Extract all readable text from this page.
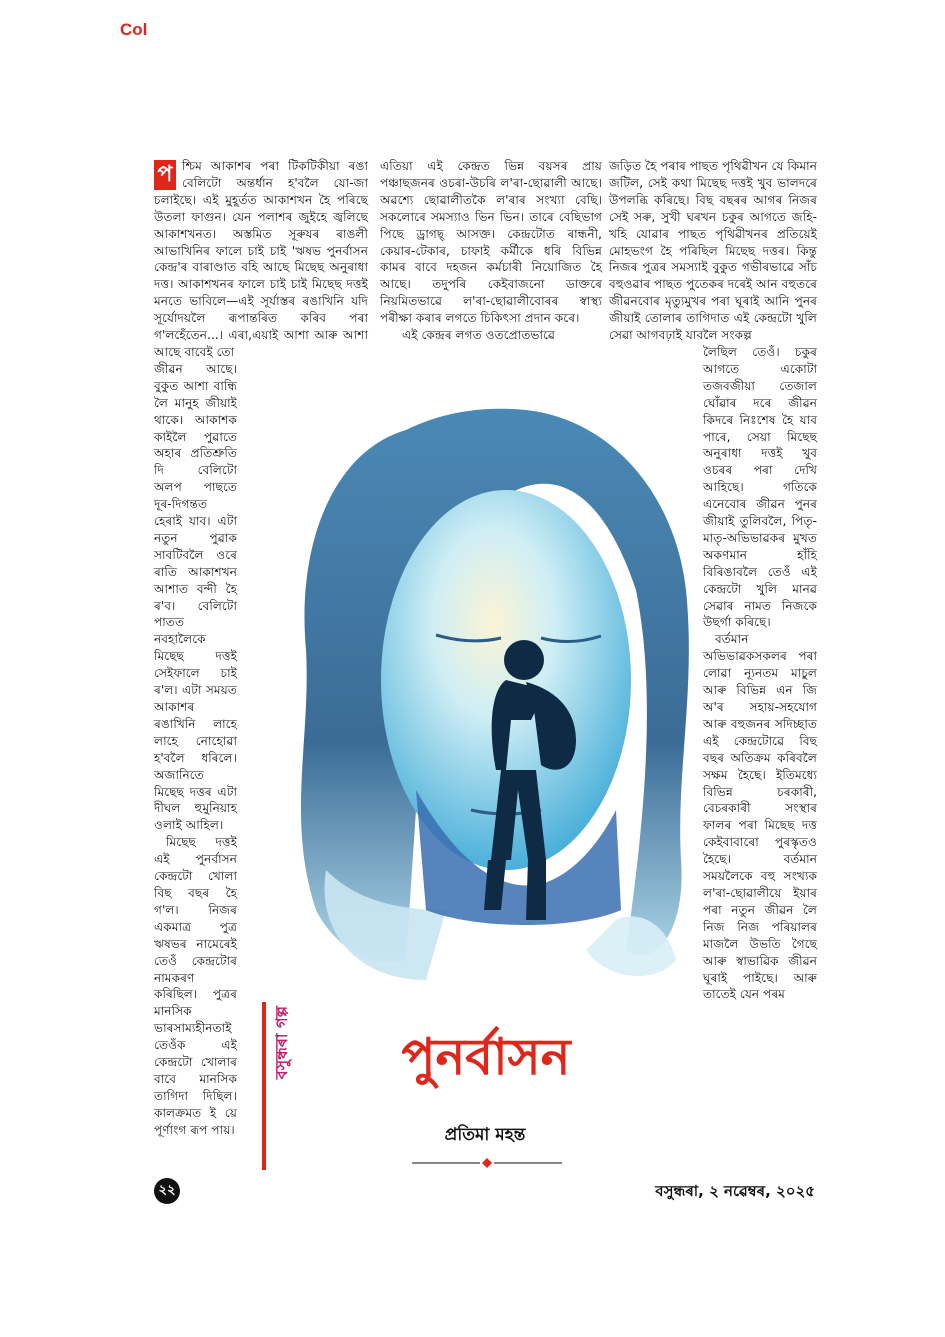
Col

প শ্চিম আকাশৰ পৰা টিকটিকীয়া ৰঙা বেলিটো অন্তৰ্ধান হ'বলৈ যো-জা চলাইছে। এই মুহূৰ্তত আকাশখন হৈ পৰিছে উতলা ফাগুন। যেন পলাশৰ জুইহে জ্বলিছে আকাশখনত। অস্তমিত সূৰুযৰ ৰাঙলী আভাখিনিৰ ফালে চাই চাই 'ঋষভ পুনৰ্বাসন কেন্দ্ৰ'ৰ বাৰাণ্ডাত বহি আছে মিছেছ অনুৰাধা দত্ত। আকাশখনৰ ফালে চাই চাই মিছেছ দত্তই মনতে ভাবিলে—এই সূৰ্যাস্তৰ ৰঙাখিনি যদি সূৰ্যোদয়লৈ ৰূপান্তৰিত কৰিব পৰা গ'লহেঁতেন...। এৰা,এয়াই আশা আৰু আশা আছে বাবেই তো

জীৱন আছে। বুকুত আশা বান্ধি লৈ মানুহ জীয়াই থাকে। আকাশক কাইলৈ পুৱাতে অহাৰ প্ৰতিশ্ৰুতি দি বেলিটো অলপ পাছতে দূৰ-দিগন্তত হেৰাই যাব। এটা নতুন পুৱাক সাবটিবলৈ ওৰে ৰাতি আকাশখন আশাত বন্দী হৈ ৰ'ব। বেলিটো পাতত নবহালৈকে মিছেছ দত্তই সেইফালে চাই ৰ'ল। এটা সময়ত আকাশৰ ৰঙাখিনি লাহে লাহে নোহোৱা হ'বলৈ ধৰিলে। অজানিতে মিছেছ দত্তৰ এটা দীঘল হুমুনিয়াহ ওলাই আহিল।

মিছেছ দত্তই এই পুনৰ্বাসন কেন্দ্ৰটো খোলা বিছ বছৰ হৈ গ'ল। নিজৰ একমাত্ৰ পুত্ৰ ঋষভৰ নামেৰেই তেওঁ কেন্দ্ৰটোৰ নামকৰণ কৰিছিল। পুত্ৰৰ মানসিক ভাৰসাম্যহীনতাই তেওঁক এই কেন্দ্ৰটো খোলাৰ বাবে মানসিক তাগিদা দিছিল। কালক্ৰমত ই য়ে পূৰ্ণাংগ ৰূপ পায়।

এতিয়া এই কেন্দ্ৰত ভিন্ন বয়সৰ প্ৰায় পঞ্চাছজনৰ ওচৰা-উচৰি ল'ৰা-ছোৱালী আছে। অৱশ্যে ছোৱালীতকৈ ল'ৰাৰ সংখ্যা বেছি। সকলোৰে সমস্যাও ভিন ভিন। তাৰে বেছিভাগ পিছে ড্ৰাগছ্ আসক্ত। কেন্দ্ৰটোত ৰান্ধনী, কেয়াৰ-টেকাৰ, চাফাই কৰ্মীকে ধৰি বিভিন্ন কামৰ বাবে দহজন কৰ্মচাৰী নিয়োজিত হৈ আছে। তদুপৰি কেইবাজনো ডাক্তৰে নিয়মিতভাৱে ল'ৰা-ছোৱালীবোৰৰ স্বাস্থ্য পৰীক্ষা কৰাৰ লগতে চিকিৎসা প্ৰদান কৰে।

এই কেন্দ্ৰৰ লগত ওতপ্ৰোতভাৱে

জড়িত হৈ পৰাৰ পাছত পৃথিৱীখন যে কিমান জটিল, সেই কথা মিছেছ দত্তই খুব ভালদৰে উপলব্ধি কৰিছে। বিছ বছৰৰ আগৰ নিজৰ সেই সৰু, সুখী ঘৰখন চকুৰ আগতে জহি-খহি যোৱাৰ পাছত পৃথিৱীখনৰ প্ৰতিয়েই মোহভংগ হৈ পৰিছিল মিছেছ দত্তৰ। কিন্তু নিজৰ পুত্ৰৰ সমস্যাই বুকুত গভীৰভাৱে সাঁচ বহুওৱাৰ পাছত পুতেকৰ দৰেই আন বহুতৰে জীৱনবোৰ মৃত্যুমুখৰ পৰা ঘূৰাই আনি পুনৰ জীয়াই তোলাৰ তাগিদাত এই কেন্দ্ৰটো খুলি সেৱা আগবঢ়াই যাবলৈ সংকল্প

লৈছিল তেওঁ। চকুৰ আগতে একোটা তজবজীয়া তেজাল ঘোঁৱাৰ দৰে জীৱন কিদৰে নিঃশেষ হৈ যাব পাৰে, সেয়া মিছেছ অনুৰাধা দত্তই খুব ওচৰৰ পৰা দেখি আহিছে। গতিকে এনেবোৰ জীৱন পুনৰ জীয়াই তুলিবলৈ, পিতৃ-মাতৃ-অভিভাৱকৰ মুখত অকণমান হাঁহি বিৰিঙাবলৈ তেওঁ এই কেন্দ্ৰটো খুলি মানৱ সেৱাৰ নামত নিজকে উছৰ্গা কৰিছে।

বৰ্তমান অভিভাৱকসকলৰ পৰা লোৱা ন্যূনতম মাচুল আৰু বিভিন্ন এন জি অ'ৰ সহায়-সহযোগ আৰু বহুজনৰ সদিচ্ছাত এই কেন্দ্ৰটোৱে বিছ বছৰ অতিক্ৰম কৰিবলৈ সক্ষম হৈছে। ইতিমধ্যে বিভিন্ন চৰকাৰী, বেচৰকাৰী সংস্থাৰ ফালৰ পৰা মিছেছ দত্ত কেইবাবাৰো পুৰস্কৃতও হৈছে। বৰ্তমান সময়লৈকে বহু সংখ্যক ল'ৰা-ছোৱালীয়ে ইয়াৰ পৰা নতুন জীৱন লৈ নিজ নিজ পৰিয়ালৰ মাজলৈ উভতি গৈছে আৰু স্বাভাৱিক জীৱন ঘূৰাই পাইছে। আৰু তাতেই যেন পৰম

বসুন্ধৰা গল্প	পুনৰ্বাসন
প্ৰতিমা মহন্ত
২২	বসুন্ধৰা, ২ নৱেম্বৰ, ২০২৫
